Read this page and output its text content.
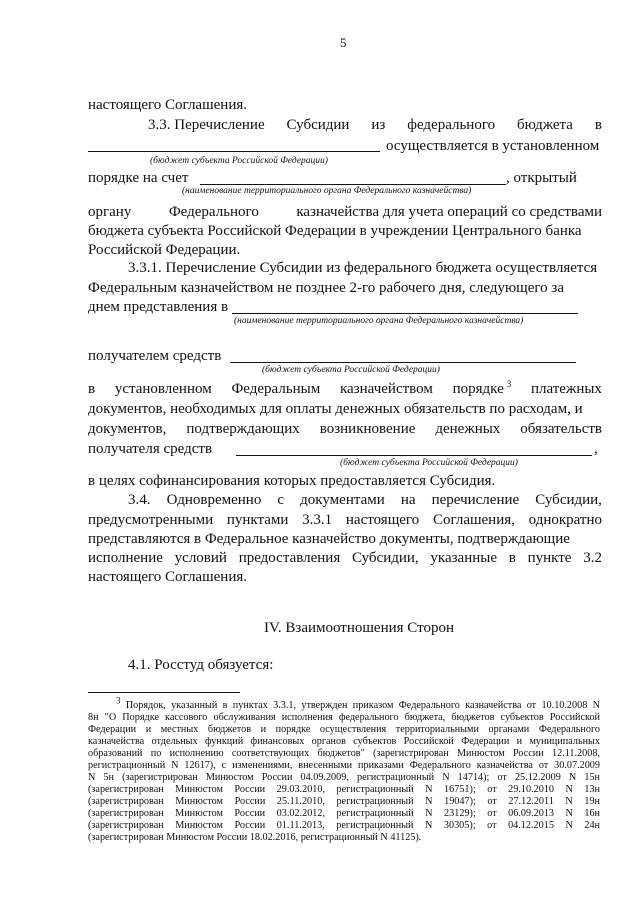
5
настоящего Соглашения.
3.3. Перечисление Субсидии из федерального бюджета в
осуществляется в установленном
(бюджет субъекта Российской Федерации)
порядке на счет	, открытый
(наименование территориального органа Федерального казначейства)
органу Федерального казначейства для учета операций со средствами
бюджета субъекта Российской Федерации в учреждении Центрального банка
Российской Федерации.
3.3.1. Перечисление Субсидии из федерального бюджета осуществляется
Федеральным казначейством не позднее 2-го рабочего дня, следующего за
днем представления в
(наименование территориального органа Федерального казначейства)
получателем средств
(бюджет субъекта Российской Федерации)
в установленном Федеральным казначейством порядке $^3$ платежных
документов, необходимых для оплаты денежных обязательств по расходам, и
документов, подтверждающих возникновение денежных обязательств
получателя средств	,
(бюджет субъекта Российской Федерации)
в целях софинансирования которых предоставляется Субсидия.
3.4. Одновременно с документами на перечисление Субсидии,
предусмотренными пунктами 3.3.1 настоящего Соглашения, однократно
представляются в Федеральное казначейство документы, подтверждающие
исполнение условий предоставления Субсидии, указанные в пункте 3.2
настоящего Соглашения.
IV. Взаимоотношения Сторон
4.1. Росстуд обязуется:
$^3$ Порядок, указанный в пунктах 3.3.1, утвержден приказом Федерального казначейства от 10.10.2008 N
8н "О Порядке кассового обслуживания исполнения федерального бюджета, бюджетов субъектов Российской
Федерации и местных бюджетов и порядке осуществления территориальными органами Федерального
казначейства отдельных функций финансовых органов субъектов Российской Федерации и муниципальных
образований по исполнению соответствующих бюджетов" (зарегистрирован Минюстом России 12.11.2008,
регистрационный N 12617), с изменениями, внесенными приказами Федерального казначейства от 30.07.2009
N 5н (зарегистрирован Минюстом России 04.09.2009, регистрационный N 14714); от 25.12.2009 N 15н
(зарегистрирован Минюстом России 29.03.2010, регистрационный N 16751); от 29.10.2010 N 13н
(зарегистрирован Минюстом России 25.11.2010, регистрационный N 19047); от 27.12.2011 N 19н
(зарегистрирован Минюстом России 03.02.2012, регистрационный N 23129); от 06.09.2013 N 16н
(зарегистрирован Минюстом России 01.11.2013, регистрационный N 30305); от 04.12.2015 N 24н
(зарегистрирован Минюстом России 18.02.2016, регистрационный N 41125).
